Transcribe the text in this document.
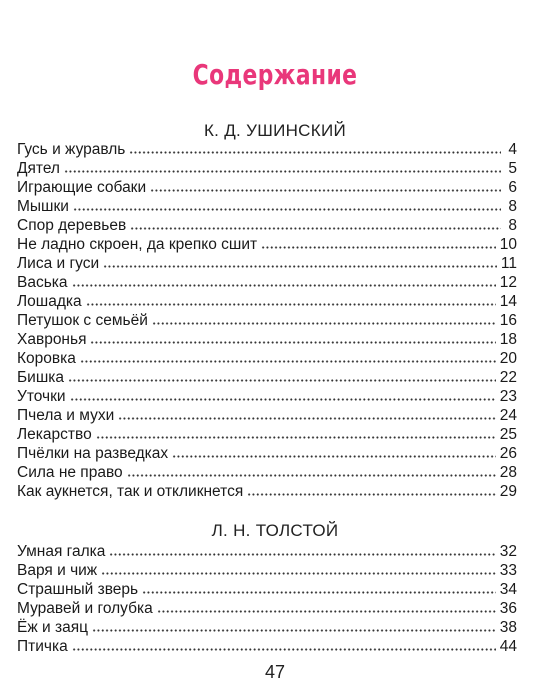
Содержание
К. Д. УШИНСКИЙ
Гусь и журавль	4
Дятел	5
Играющие собаки	6
Мышки	8
Спор деревьев	8
Не ладно скроен, да крепко сшит	10
Лиса и гуси	11
Васька	12
Лошадка	14
Петушок с семьёй	16
Хавронья	18
Коровка	20
Бишка	22
Уточки	23
Пчела и мухи	24
Лекарство	25
Пчёлки на разведках	26
Сила не право	28
Как аукнется, так и откликнется	29
Л. Н. ТОЛСТОЙ
Умная галка	32
Варя и чиж	33
Страшный зверь	34
Муравей и голубка	36
Ёж и заяц	38
Птичка	44
47
